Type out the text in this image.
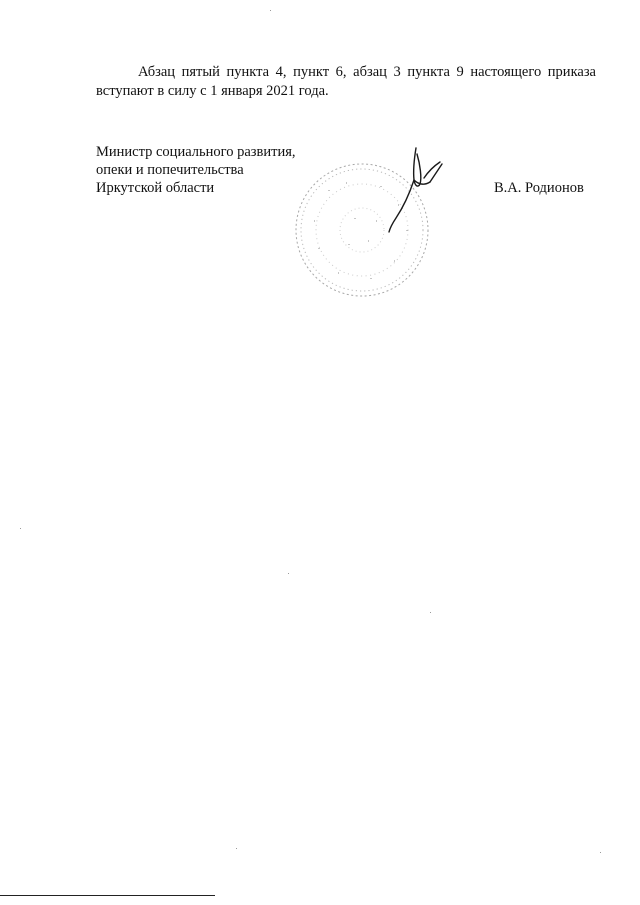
Абзац пятый пункта 4, пункт 6, абзац 3 пункта 9 настоящего приказа
вступают в силу с 1 января 2021 года.
Министр социального развития,
опеки и попечительства
Иркутской области	В.А. Родионов
